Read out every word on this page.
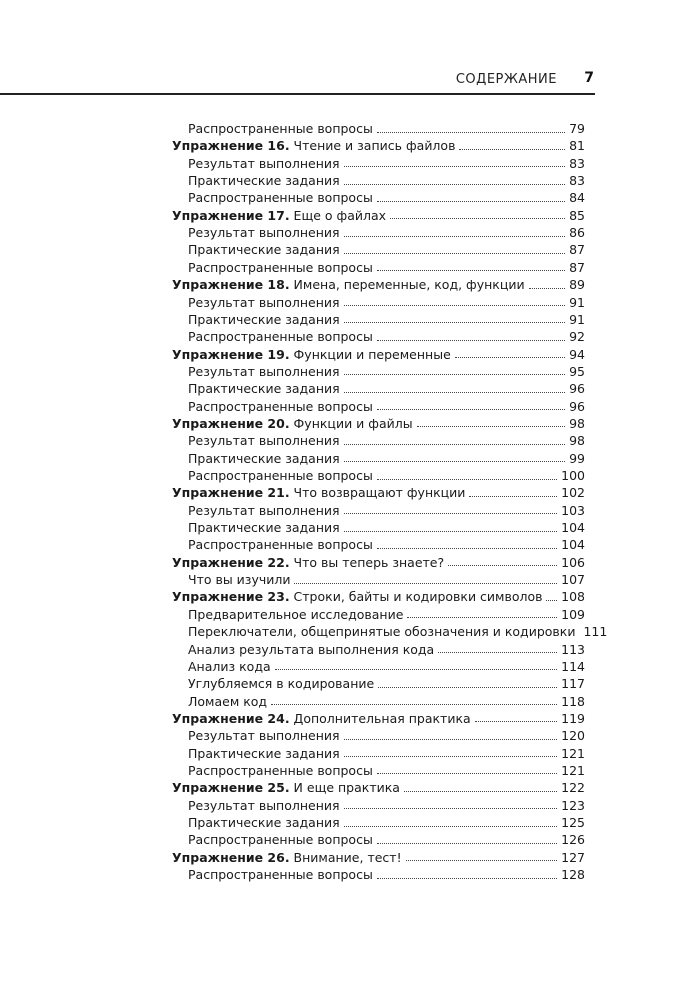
СОДЕРЖАНИЕ 7
Распространенные вопросы	79
Упражнение 16. Чтение и запись файлов	81
Результат выполнения	83
Практические задания	83
Распространенные вопросы	84
Упражнение 17. Еще о файлах	85
Результат выполнения	86
Практические задания	87
Распространенные вопросы	87
Упражнение 18. Имена, переменные, код, функции	89
Результат выполнения	91
Практические задания	91
Распространенные вопросы	92
Упражнение 19. Функции и переменные	94
Результат выполнения	95
Практические задания	96
Распространенные вопросы	96
Упражнение 20. Функции и файлы	98
Результат выполнения	98
Практические задания	99
Распространенные вопросы	100
Упражнение 21. Что возвращают функции	102
Результат выполнения	103
Практические задания	104
Распространенные вопросы	104
Упражнение 22. Что вы теперь знаете?	106
Что вы изучили	107
Упражнение 23. Строки, байты и кодировки символов 108
Предварительное исследование	109
Переключатели, общепринятые обозначения и кодировки 111
Анализ результата выполнения кода	113
Анализ кода	114
Углубляемся в кодирование	117
Ломаем код	118
Упражнение 24. Дополнительная практика	119
Результат выполнения	120
Практические задания	121
Распространенные вопросы	121
Упражнение 25. И еще практика	122
Результат выполнения	123
Практические задания	125
Распространенные вопросы	126
Упражнение 26. Внимание, тест!	127
Распространенные вопросы	128
